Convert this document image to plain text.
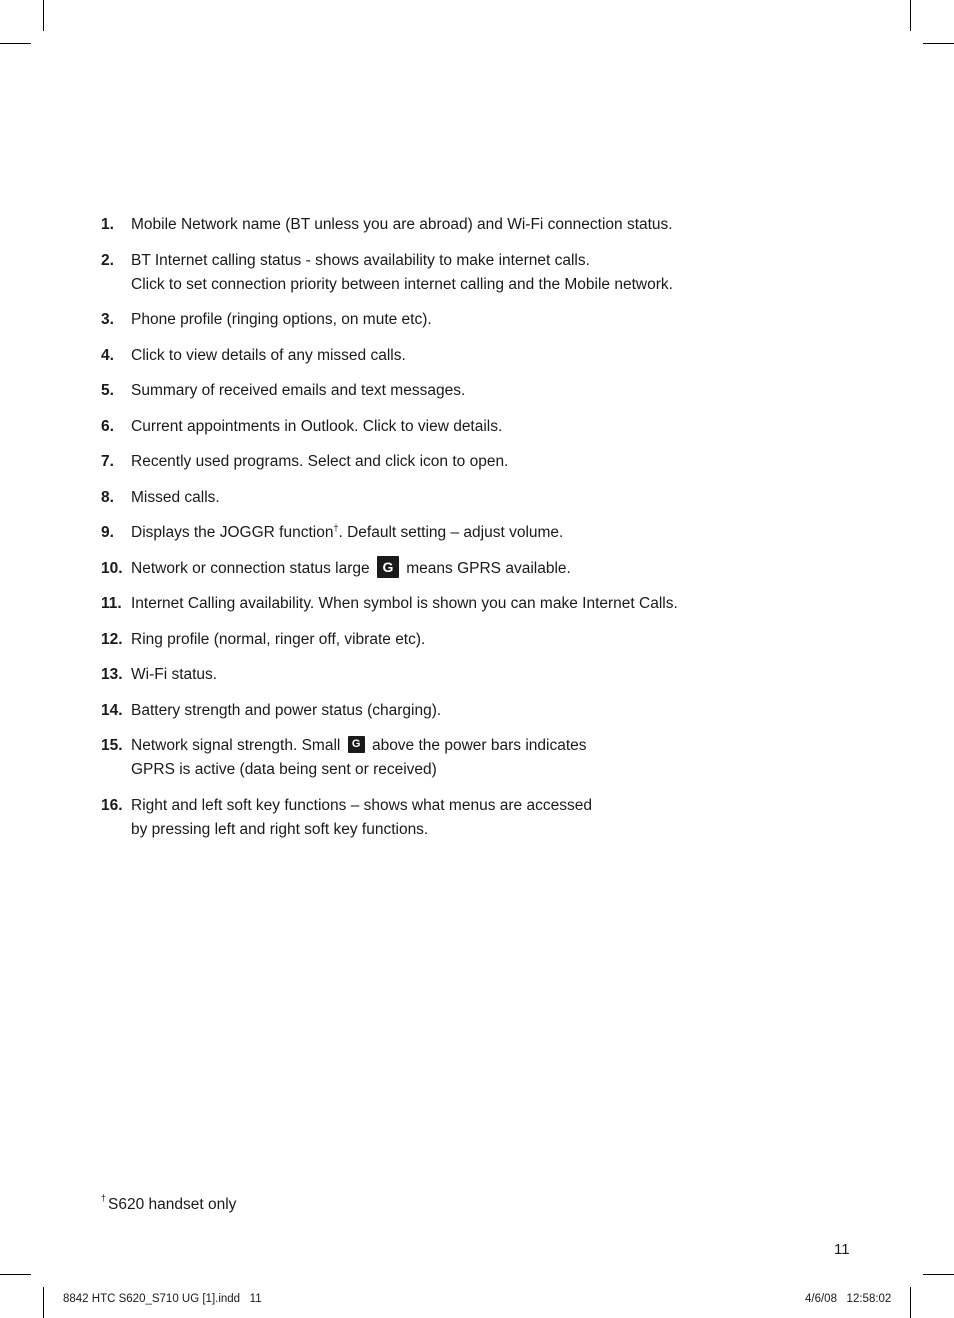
1. Mobile Network name (BT unless you are abroad) and Wi-Fi connection status.
2. BT Internet calling status - shows availability to make internet calls.
Click to set connection priority between internet calling and the Mobile network.
3. Phone profile (ringing options, on mute etc).
4. Click to view details of any missed calls.
5. Summary of received emails and text messages.
6. Current appointments in Outlook. Click to view details.
7. Recently used programs. Select and click icon to open.
8. Missed calls.
9. Displays the JOGGR function†. Default setting – adjust volume.
10. Network or connection status large G means GPRS available.
11. Internet Calling availability. When symbol is shown you can make Internet Calls.
12. Ring profile (normal, ringer off, vibrate etc).
13. Wi-Fi status.
14. Battery strength and power status (charging).
15. Network signal strength. Small G above the power bars indicates
GPRS is active (data being sent or received)
16. Right and left soft key functions – shows what menus are accessed
by pressing left and right soft key functions.
† S620 handset only
11
8842 HTC S620_S710 UG [1].indd   11	4/6/08   12:58:02
